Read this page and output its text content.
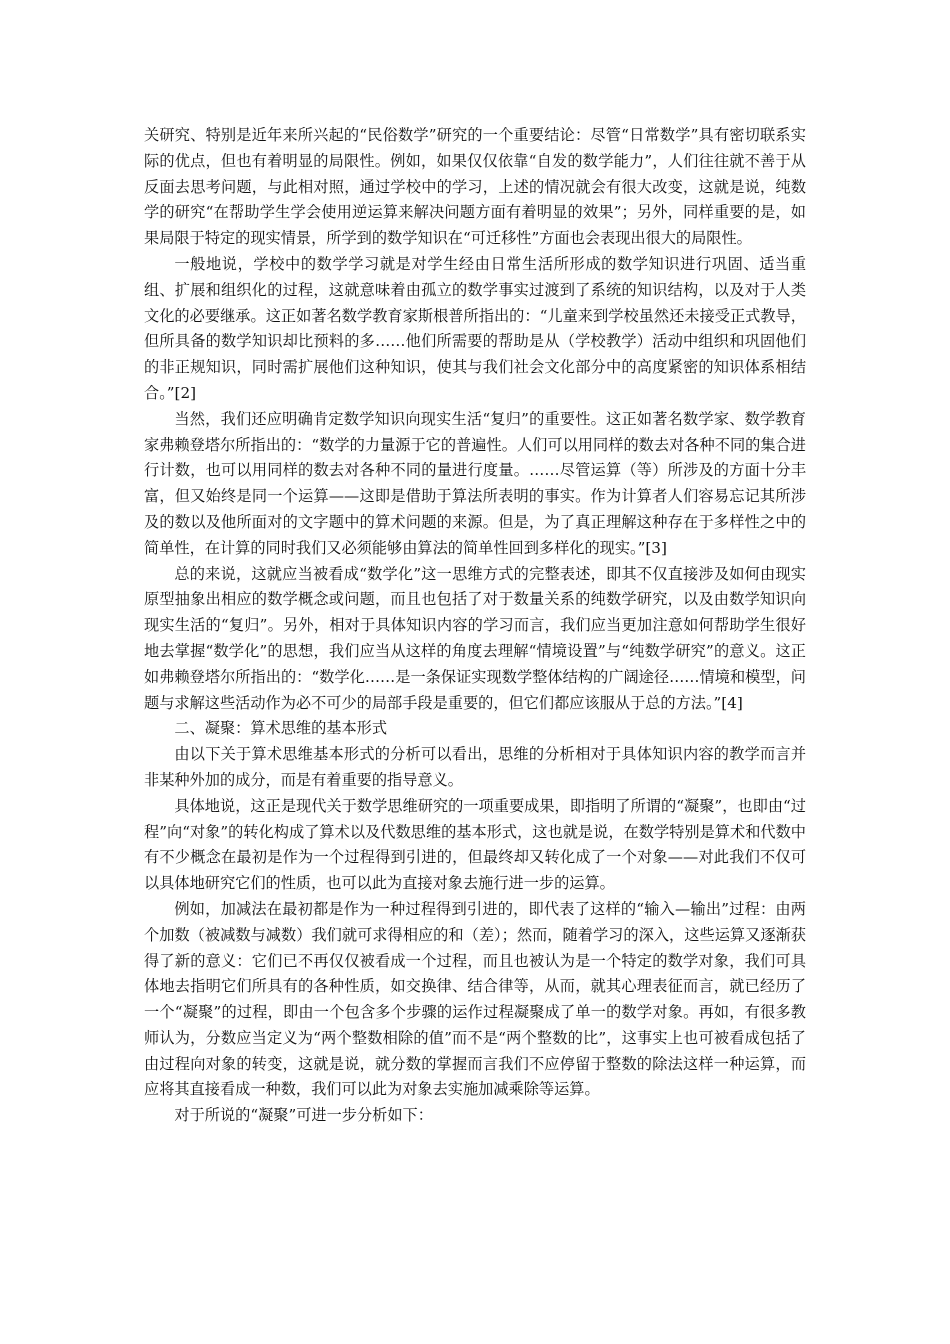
关研究、特别是近年来所兴起的“民俗数学”研究的一个重要结论：尽管“日常数学”具有密切联系实际的优点，但也有着明显的局限性。例如，如果仅仅依靠“自发的数学能力”，人们往往就不善于从反面去思考问题，与此相对照，通过学校中的学习，上述的情况就会有很大改变，这就是说，纯数学的研究“在帮助学生学会使用逆运算来解决问题方面有着明显的效果”；另外，同样重要的是，如果局限于特定的现实情景，所学到的数学知识在“可迁移性”方面也会表现出很大的局限性。

一般地说，学校中的数学学习就是对学生经由日常生活所形成的数学知识进行巩固、适当重组、扩展和组织化的过程，这就意味着由孤立的数学事实过渡到了系统的知识结构，以及对于人类文化的必要继承。这正如著名数学教育家斯根普所指出的：“儿童来到学校虽然还未接受正式教导，但所具备的数学知识却比预料的多……他们所需要的帮助是从（学校教学）活动中组织和巩固他们的非正规知识，同时需扩展他们这种知识，使其与我们社会文化部分中的高度紧密的知识体系相结合。”[2]

当然，我们还应明确肯定数学知识向现实生活“复归”的重要性。这正如著名数学家、数学教育家弗赖登塔尔所指出的：“数学的力量源于它的普遍性。人们可以用同样的数去对各种不同的集合进行计数，也可以用同样的数去对各种不同的量进行度量。……尽管运算（等）所涉及的方面十分丰富，但又始终是同一个运算——这即是借助于算法所表明的事实。作为计算者人们容易忘记其所涉及的数以及他所面对的文字题中的算术问题的来源。但是，为了真正理解这种存在于多样性之中的简单性，在计算的同时我们又必须能够由算法的简单性回到多样化的现实。”[3]

总的来说，这就应当被看成“数学化”这一思维方式的完整表述，即其不仅直接涉及如何由现实原型抽象出相应的数学概念或问题，而且也包括了对于数量关系的纯数学研究，以及由数学知识向现实生活的“复归”。另外，相对于具体知识内容的学习而言，我们应当更加注意如何帮助学生很好地去掌握“数学化”的思想，我们应当从这样的角度去理解“情境设置”与“纯数学研究”的意义。这正如弗赖登塔尔所指出的：“数学化……是一条保证实现数学整体结构的广阔途径……情境和模型，问题与求解这些活动作为必不可少的局部手段是重要的，但它们都应该服从于总的方法。”[4]

二、凝聚：算术思维的基本形式

由以下关于算术思维基本形式的分析可以看出，思维的分析相对于具体知识内容的教学而言并非某种外加的成分，而是有着重要的指导意义。

具体地说，这正是现代关于数学思维研究的一项重要成果，即指明了所谓的“凝聚”，也即由“过程”向“对象”的转化构成了算术以及代数思维的基本形式，这也就是说，在数学特别是算术和代数中有不少概念在最初是作为一个过程得到引进的，但最终却又转化成了一个对象——对此我们不仅可以具体地研究它们的性质，也可以此为直接对象去施行进一步的运算。

例如，加减法在最初都是作为一种过程得到引进的，即代表了这样的“输入—输出”过程：由两个加数（被减数与减数）我们就可求得相应的和（差）；然而，随着学习的深入，这些运算又逐渐获得了新的意义：它们已不再仅仅被看成一个过程，而且也被认为是一个特定的数学对象，我们可具体地去指明它们所具有的各种性质，如交换律、结合律等，从而，就其心理表征而言，就已经历了一个“凝聚”的过程，即由一个包含多个步骤的运作过程凝聚成了单一的数学对象。再如，有很多教师认为，分数应当定义为“两个整数相除的值”而不是“两个整数的比”，这事实上也可被看成包括了由过程向对象的转变，这就是说，就分数的掌握而言我们不应停留于整数的除法这样一种运算，而应将其直接看成一种数，我们可以此为对象去实施加减乘除等运算。

对于所说的“凝聚”可进一步分析如下：
